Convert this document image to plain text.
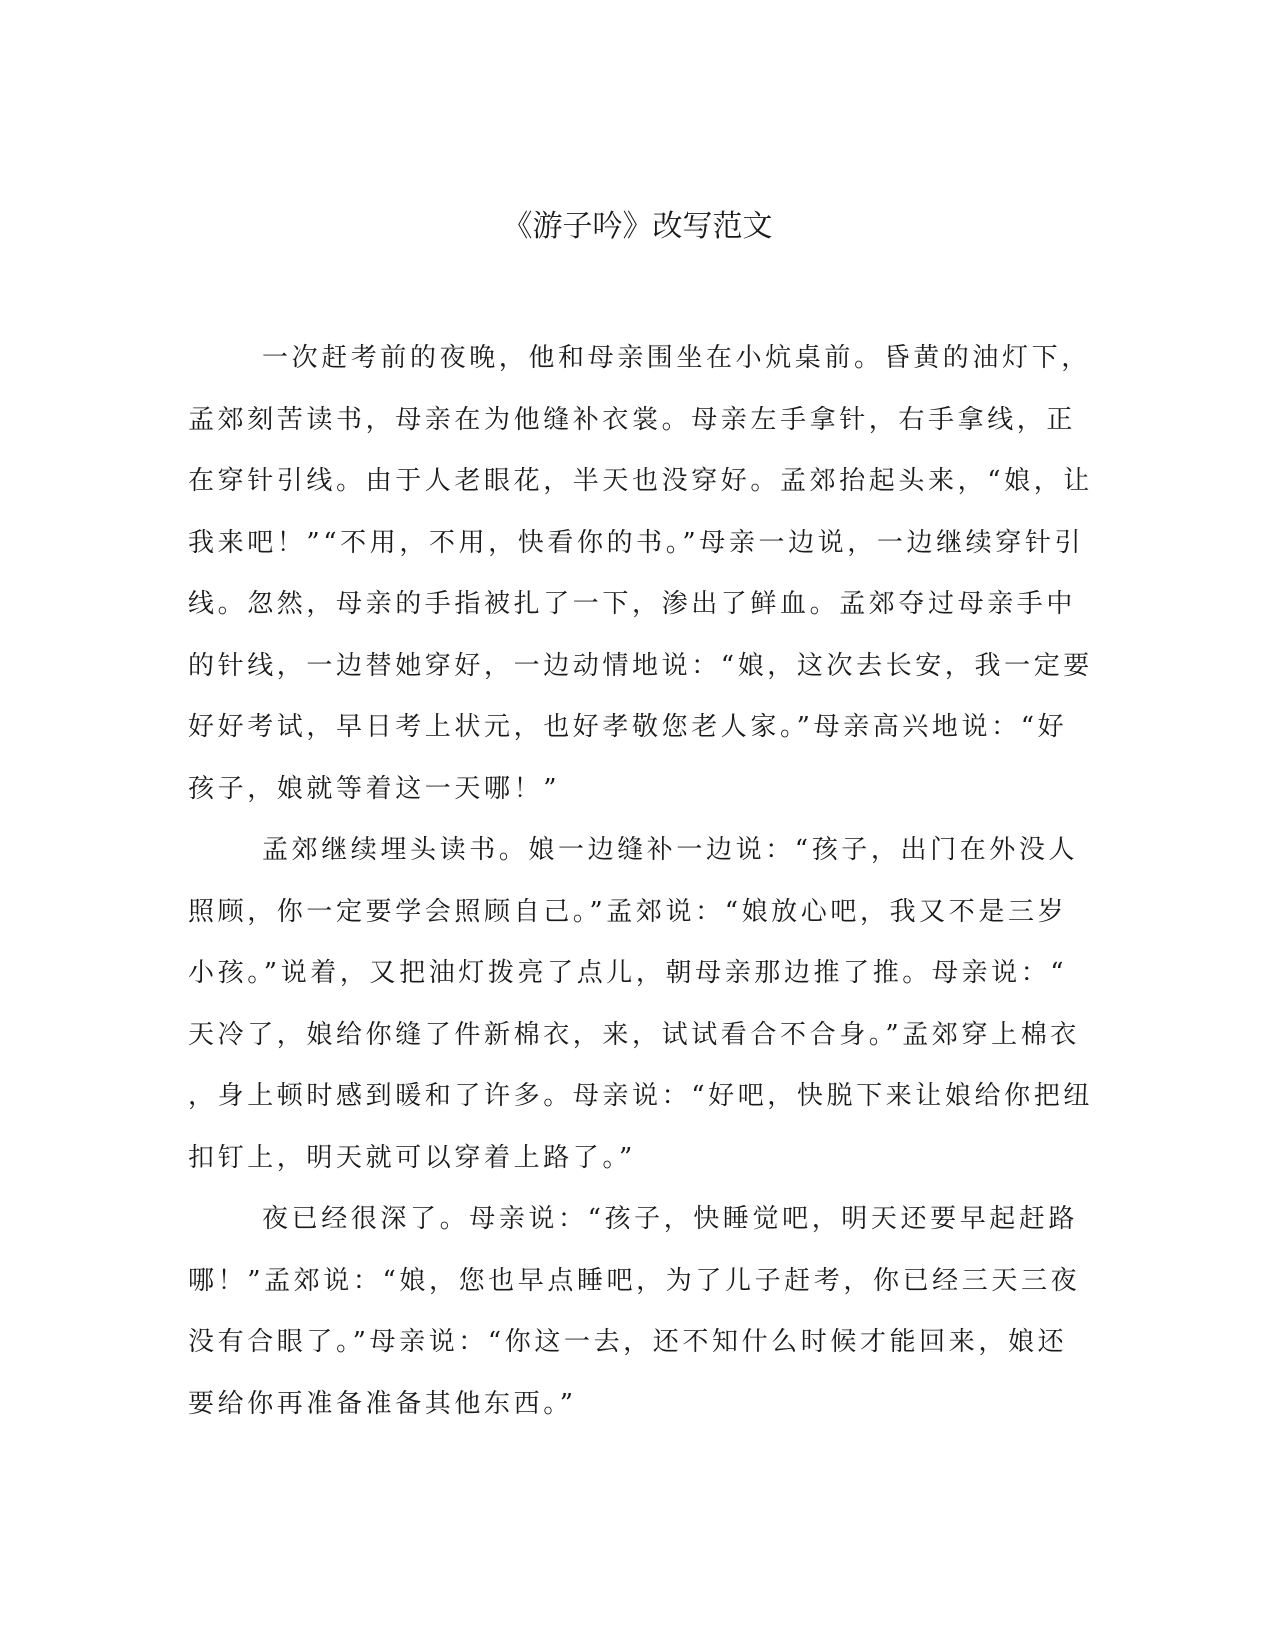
《游子吟》改写范文

一次赶考前的夜晚，他和母亲围坐在小炕桌前。昏黄的油灯下，
孟郊刻苦读书，母亲在为他缝补衣裳。母亲左手拿针，右手拿线，正
在穿针引线。由于人老眼花，半天也没穿好。孟郊抬起头来，“娘，让
我来吧！”“不用，不用，快看你的书。”母亲一边说，一边继续穿针引
线。忽然，母亲的手指被扎了一下，渗出了鲜血。孟郊夺过母亲手中
的针线，一边替她穿好，一边动情地说：“娘，这次去长安，我一定要
好好考试，早日考上状元，也好孝敬您老人家。”母亲高兴地说：“好
孩子，娘就等着这一天哪！”

孟郊继续埋头读书。娘一边缝补一边说：“孩子，出门在外没人
照顾，你一定要学会照顾自己。”孟郊说：“娘放心吧，我又不是三岁
小孩。”说着，又把油灯拨亮了点儿，朝母亲那边推了推。母亲说：“
天冷了，娘给你缝了件新棉衣，来，试试看合不合身。”孟郊穿上棉衣
，身上顿时感到暖和了许多。母亲说：“好吧，快脱下来让娘给你把纽
扣钉上，明天就可以穿着上路了。”

夜已经很深了。母亲说：“孩子，快睡觉吧，明天还要早起赶路
哪！”孟郊说：“娘，您也早点睡吧，为了儿子赶考，你已经三天三夜
没有合眼了。”母亲说：“你这一去，还不知什么时候才能回来，娘还
要给你再准备准备其他东西。”
